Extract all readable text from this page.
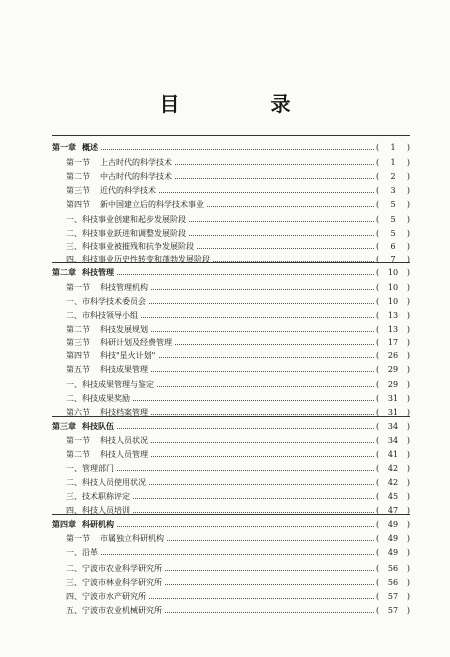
目 录
第一章 概述	( 1 )
第一节 上古时代的科学技术	( 1 )
第二节 中古时代的科学技术	( 2 )
第三节 近代的科学技术	( 3 )
第四节 新中国建立后的科学技术事业	( 5 )
一、科技事业创建和起步发展阶段	( 5 )
二、科技事业跃进和调整发展阶段	( 5 )
三、科技事业被摧残和抗争发展阶段	( 6 )
四、科技事业历史性转变和蓬勃发展阶段	( 7 )
第二章 科技管理	( 10 )
第一节 科技管理机构	( 10 )
一、市科学技术委员会	( 10 )
二、市科技领导小组	( 13 )
第二节 科技发展规划	( 13 )
第三节 科研计划及经费管理	( 17 )
第四节 科技"星火计划"	( 26 )
第五节 科技成果管理	( 29 )
一、科技成果管理与鉴定	( 29 )
二、科技成果奖励	( 31 )
第六节 科技档案管理	( 31 )
第三章 科技队伍	( 34 )
第一节 科技人员状况	( 34 )
第二节 科技人员管理	( 41 )
一、管理部门	( 42 )
二、科技人员使用状况	( 42 )
三、技术职称评定	( 45 )
四、科技人员培训	( 47 )
第四章 科研机构	( 49 )
第一节 市属独立科研机构	( 49 )
一、沿革	( 49 )
二、宁波市农业科学研究所	( 56 )
三、宁波市林业科学研究所	( 56 )
四、宁波市水产研究所	( 57 )
五、宁波市农业机械研究所	( 57 )
